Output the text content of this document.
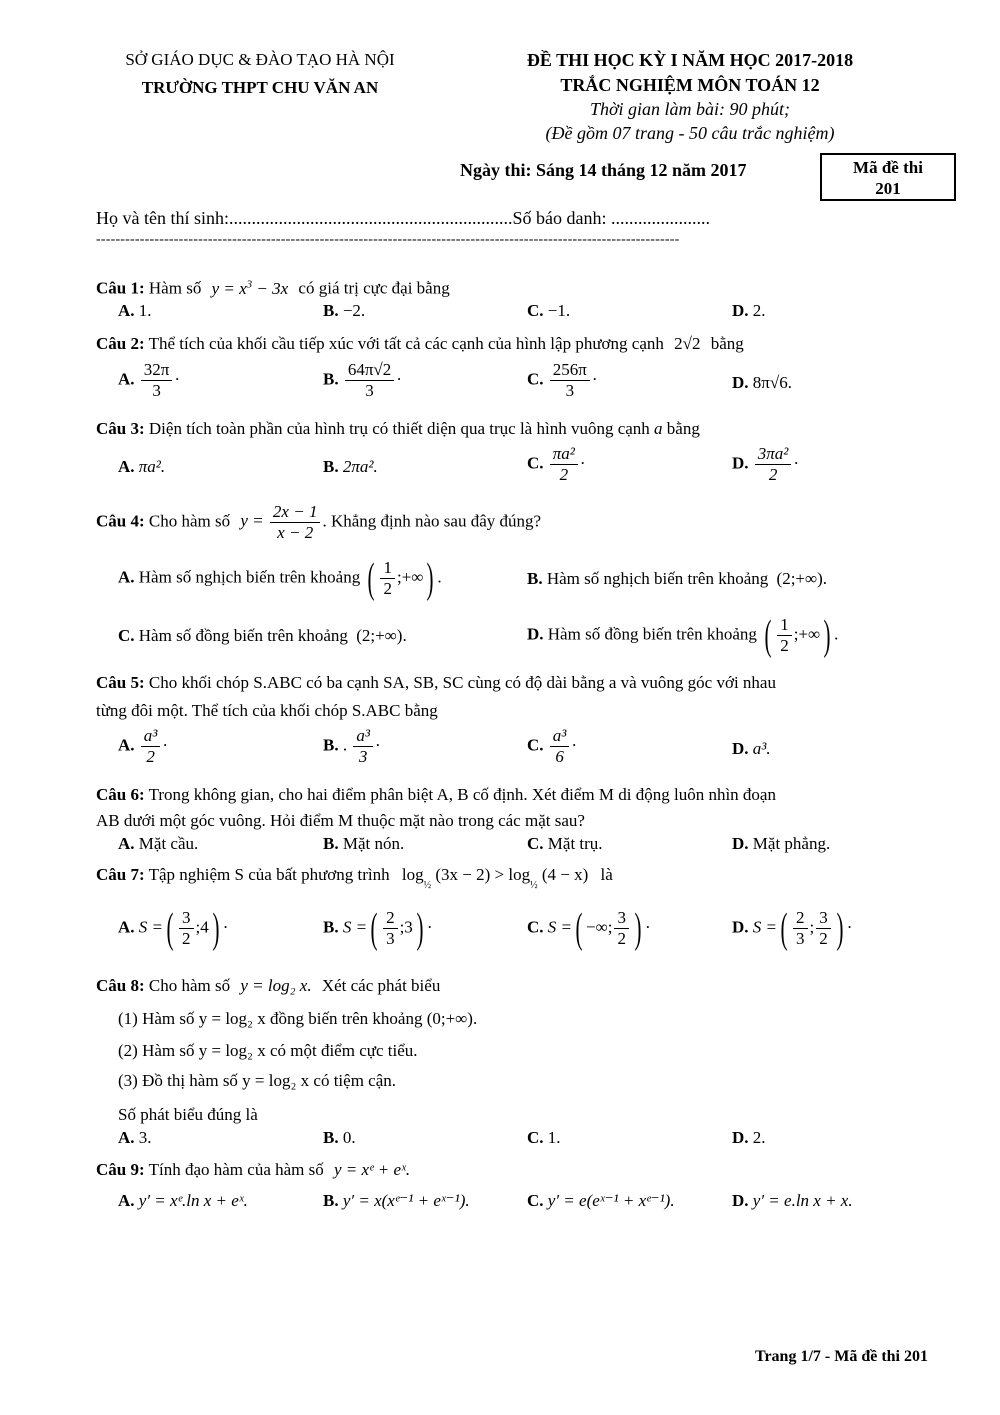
SỞ GIÁO DỤC & ĐÀO TẠO HÀ NỘI
TRƯỜNG THPT CHU VĂN AN
ĐỀ THI HỌC KỲ I NĂM HỌC 2017-2018
TRẮC NGHIỆM MÔN TOÁN 12
Thời gian làm bài: 90 phút;
(Đề gồm 07 trang - 50 câu trắc nghiệm)
Ngày thi: Sáng 14 tháng 12 năm 2017	Mã đề thi
201
Họ và tên thí sinh:...............................................................Số báo danh: ......................
------------------------------------------------------------------------------------------------------------------------
Câu 1: Hàm số $y = x^3 - 3x$ có giá trị cực đại bằng
A. 1.	B. −2.	C. −1.	D. 2.
Câu 2: Thể tích của khối cầu tiếp xúc với tất cả các cạnh của hình lập phương cạnh 2√2 bằng
A. $\frac{32\pi}{3}$ ·	B. $\frac{64\pi√2}{3}$ ·	C. $\frac{256\pi}{3}$ ·	D. 8π√6.
Câu 3: Diện tích toàn phần của hình trụ có thiết diện qua trục là hình vuông cạnh a bằng
A. πa².	B. 2πa².	C. $\frac{\text{πa²}}{2}$ ·	D. $\frac{\text{3πa²}}{2}$ ·
Câu 4: Cho hàm số $y = \frac{2x - 1}{x - 2}$ . Khẳng định nào sau đây đúng?
A. Hàm số nghịch biến trên khoảng ( $\frac{1}{2}$ ;+∞) .	B. Hàm số nghịch biến trên khoảng (2;+∞).
C. Hàm số đồng biến trên khoảng (2;+∞).	D. Hàm số đồng biến trên khoảng ( $\frac{1}{2}$ ;+∞) .
Câu 5: Cho khối chóp S.ABC có ba cạnh SA, SB, SC cùng có độ dài bằng a và vuông góc với nhau
từng đôi một. Thể tích của khối chóp S.ABC bằng
A. $\frac{\text{a³}}{2}$ ·	B. . $\frac{\text{a³}}{3}$ ·	C. $\frac{\text{a³}}{6}$ ·	D. a³.
Câu 6: Trong không gian, cho hai điểm phân biệt A, B cố định. Xét điểm M di động luôn nhìn đoạn
AB dưới một góc vuông. Hỏi điểm M thuộc mặt nào trong các mặt sau?
A. Mặt cầu.	B. Mặt nón.	C. Mặt trụ.	D. Mặt phẳng.
Câu 7: Tập nghiệm S của bất phương trình $\log_{\frac{1}{2}} (3x - 2) > \log_{\frac{1}{2}} (4 - x)$ là
A. S =( $\frac{3}{2}$ ;4) ·	B. S =( $\frac{2}{3}$ ;3) ·	C. S =( −∞; $\frac{3}{2}$ ) ·	D. S =( $\frac{2}{3}$ ; $\frac{3}{2}$ ) ·
Câu 8: Cho hàm số y = log₂ x. Xét các phát biểu
(1) Hàm số y = log₂ x đồng biến trên khoảng (0;+∞).
(2) Hàm số y = log₂ x có một điểm cực tiểu.
(3) Đồ thị hàm số y = log₂ x có tiệm cận.
Số phát biểu đúng là
A. 3.	B. 0.	C. 1.	D. 2.
Câu 9: Tính đạo hàm của hàm số y = xᵉ + eˣ.
A. y′ = xᵉ.ln x + eˣ.	B. y′ = x(xᵉ⁻¹ + eˣ⁻¹).	C. y′ = e(eˣ⁻¹ + xᵉ⁻¹).	D. y′ = e.ln x + x.
Trang 1/7 - Mã đề thi 201
